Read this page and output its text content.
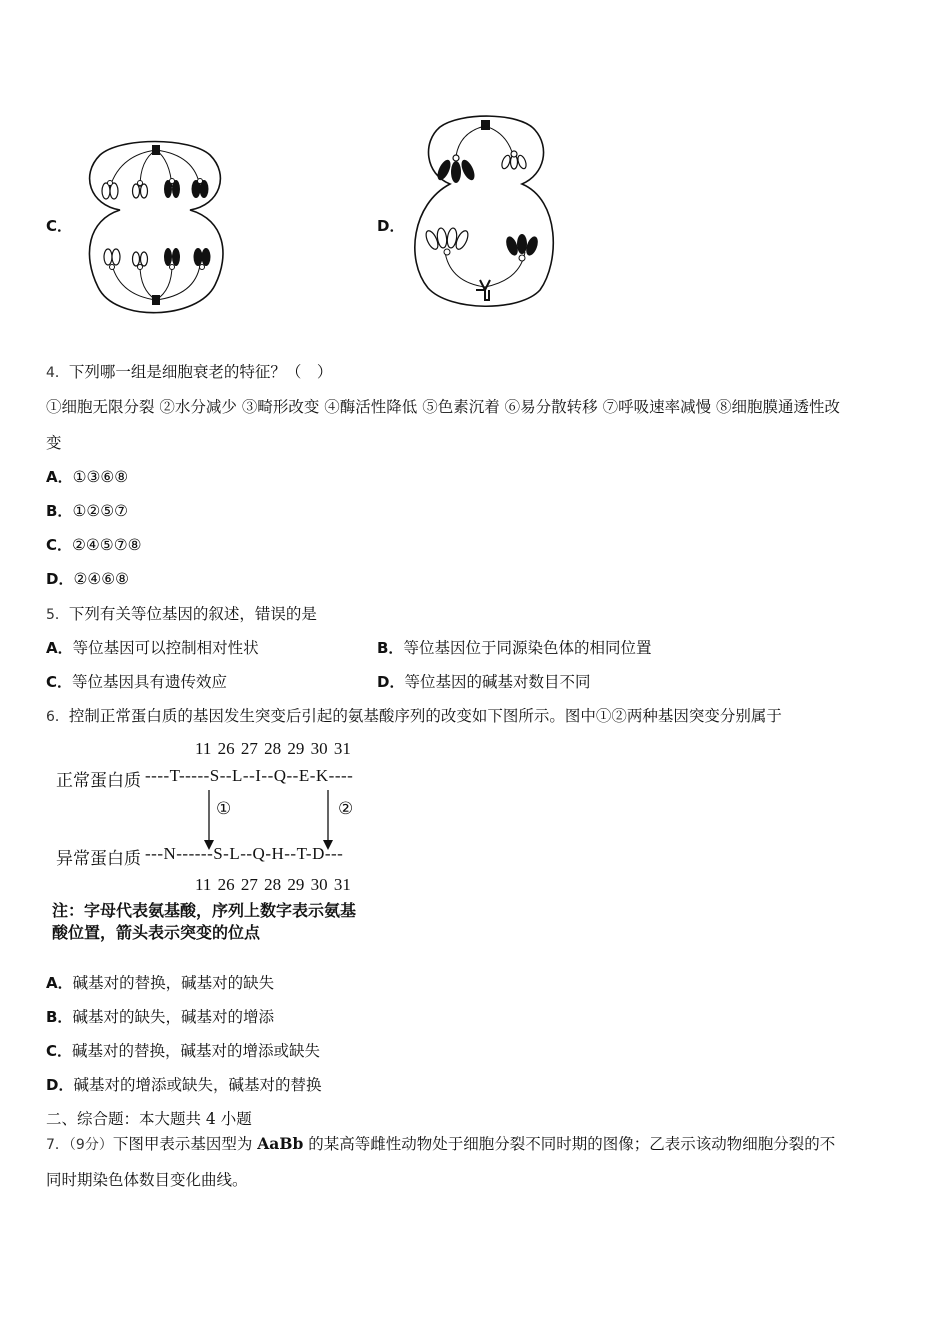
C．	D．
4．下列哪一组是细胞衰老的特征？（　）
①细胞无限分裂 ②水分减少 ③畸形改变 ④酶活性降低 ⑤色素沉着 ⑥易分散转移 ⑦呼吸速率减慢 ⑧细胞膜通透性改
变
A．①③⑥⑧
B．①②⑤⑦
C．②④⑤⑦⑧
D．②④⑥⑧
5．下列有关等位基因的叙述，错误的是
A．等位基因可以控制相对性状	B．等位基因位于同源染色体的相同位置
C．等位基因具有遗传效应	D．等位基因的碱基对数目不同
6．控制正常蛋白质的基因发生突变后引起的氨基酸序列的改变如下图所示。图中①②两种基因突变分别属于
11 26 27 28 29 30 31
正常蛋白质 ----T-----S--L--I--Q--E-K----
①	②
异常蛋白质 ---N------S-L--Q-H--T-D---
11 26 27 28 29 30 31
注：字母代表氨基酸，序列上数字表示氨基
酸位置，箭头表示突变的位点
A．碱基对的替换，碱基对的缺失
B．碱基对的缺失，碱基对的增添
C．碱基对的替换，碱基对的增添或缺失
D．碱基对的增添或缺失，碱基对的替换
二、综合题：本大题共 4 小题
7．（9分）下图甲表示基因型为 AaBb 的某高等雌性动物处于细胞分裂不同时期的图像；乙表示该动物细胞分裂的不
同时期染色体数目变化曲线。
